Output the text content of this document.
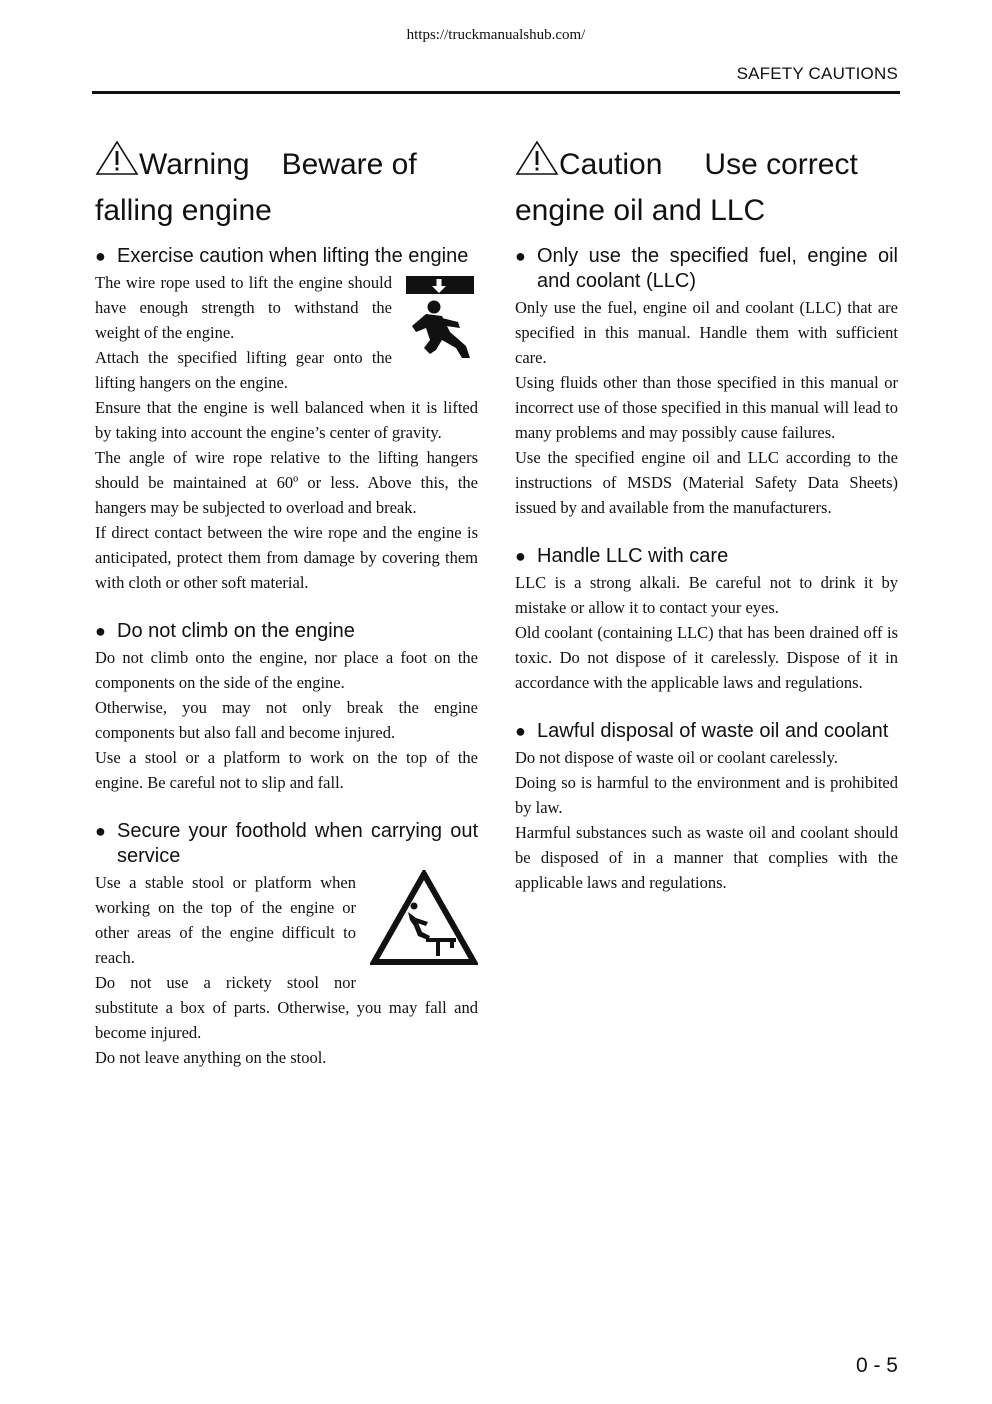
https://truckmanualshub.com/
SAFETY CAUTIONS
Warning Beware of
falling engine
● Exercise caution when lifting the engine

The wire rope used to lift the engine should have enough strength to withstand the weight of the engine.

Attach the specified lifting gear onto the lifting hangers on the engine.

Ensure that the engine is well balanced when it is lifted by taking into account the engine’s center of gravity.

The angle of wire rope relative to the lifting hangers should be maintained at 60º or less. Above this, the hangers may be subjected to overload and break.

If direct contact between the wire rope and the engine is anticipated, protect them from damage by covering them with cloth or other soft material.

● Do not climb on the engine

Do not climb onto the engine, nor place a foot on the components on the side of the engine.

Otherwise, you may not only break the engine components but also fall and become injured.

Use a stool or a platform to work on the top of the engine. Be careful not to slip and fall.

● Secure your foothold when carrying out service

Use a stable stool or platform when working on the top of the engine or other areas of the engine difficult to reach.

Do not use a rickety stool nor substitute a box of parts. Otherwise, you may fall and become injured.

Do not leave anything on the stool.

Caution Use correct
engine oil and LLC
● Only use the specified fuel, engine oil and coolant (LLC)

Only use the fuel, engine oil and coolant (LLC) that are specified in this manual. Handle them with sufficient care.

Using fluids other than those specified in this manual or incorrect use of those specified in this manual will lead to many problems and may possibly cause failures.

Use the specified engine oil and LLC according to the instructions of MSDS (Material Safety Data Sheets) issued by and available from the manufacturers.

● Handle LLC with care

LLC is a strong alkali. Be careful not to drink it by mistake or allow it to contact your eyes.

Old coolant (containing LLC) that has been drained off is toxic. Do not dispose of it carelessly. Dispose of it in accordance with the applicable laws and regulations.

● Lawful disposal of waste oil and coolant

Do not dispose of waste oil or coolant carelessly.

Doing so is harmful to the environment and is prohibited by law.

Harmful substances such as waste oil and coolant should be disposed of in a manner that complies with the applicable laws and regulations.

0 - 5
